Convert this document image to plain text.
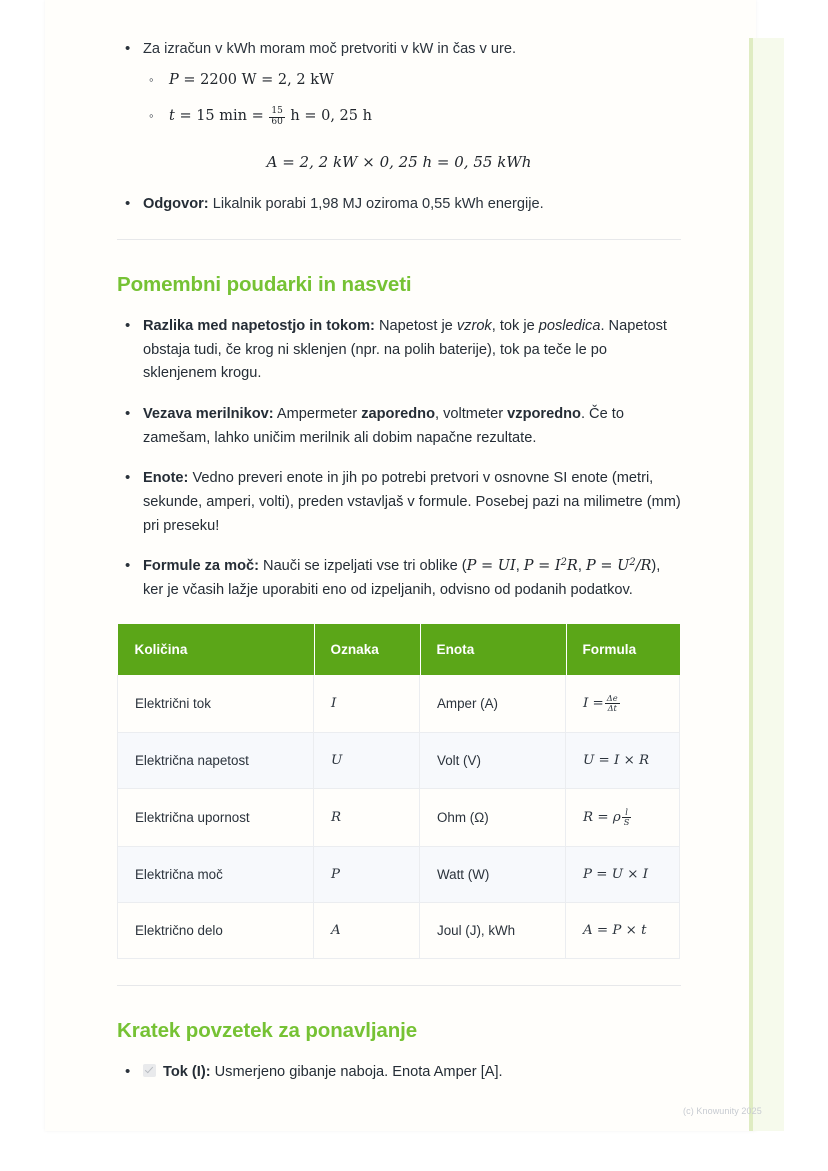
• Za izračun v kWh moram moč pretvoriti v kW in čas v ure.
◦ P = 2200 W = 2, 2 kW
◦ t = 15 $\min = \frac{15}{60}$ h = 0, 25 h
A = 2, 2 kW × 0, 25 h = 0, 55 kWh
• Odgovor: Likalnik porabi 1,98 MJ oziroma 0,55 kWh energije.
Pomembni poudarki in nasveti
• Razlika med napetostjo in tokom: Napetost je vzrok, tok je posledica. Napetost obstaja tudi, če krog ni sklenjen (npr. na polih baterije), tok pa teče le po sklenjenem krogu.
• Vezava merilnikov: Ampermeter zaporedno, voltmeter vzporedno. Če to zamešam, lahko uničim merilnik ali dobim napačne rezultate.
• Enote: Vedno preveri enote in jih po potrebi pretvori v osnovne SI enote (metri, sekunde, amperi, volti), preden vstavljaš v formule. Posebej pazi na milimetre (mm) pri preseku!
• Formule za moč: Nauči se izpeljati vse tri oblike (P = UI, $P = I^2R$, $P = U^2/R$), ker je včasih lažje uporabiti eno od izpeljanih, odvisno od podanih podatkov.
Količina	Oznaka	Enota	Formula
Električni tok	I	Amper (A)	$I = \frac{\Delta e}{\Delta t}$

Električna napetost	U	Volt (V)	U = I × R
Električna upornost	R	Ohm (Ω)	R = ρ $\frac{l}{S}$

Električna moč	P	Watt (W)	P = U × I
Električno delo	A	Joul (J), kWh	A = P × t
Kratek povzetek za ponavljanje
• Tok (I): Usmerjeno gibanje naboja. Enota Amper [A].
(c) Knowunity 2025
